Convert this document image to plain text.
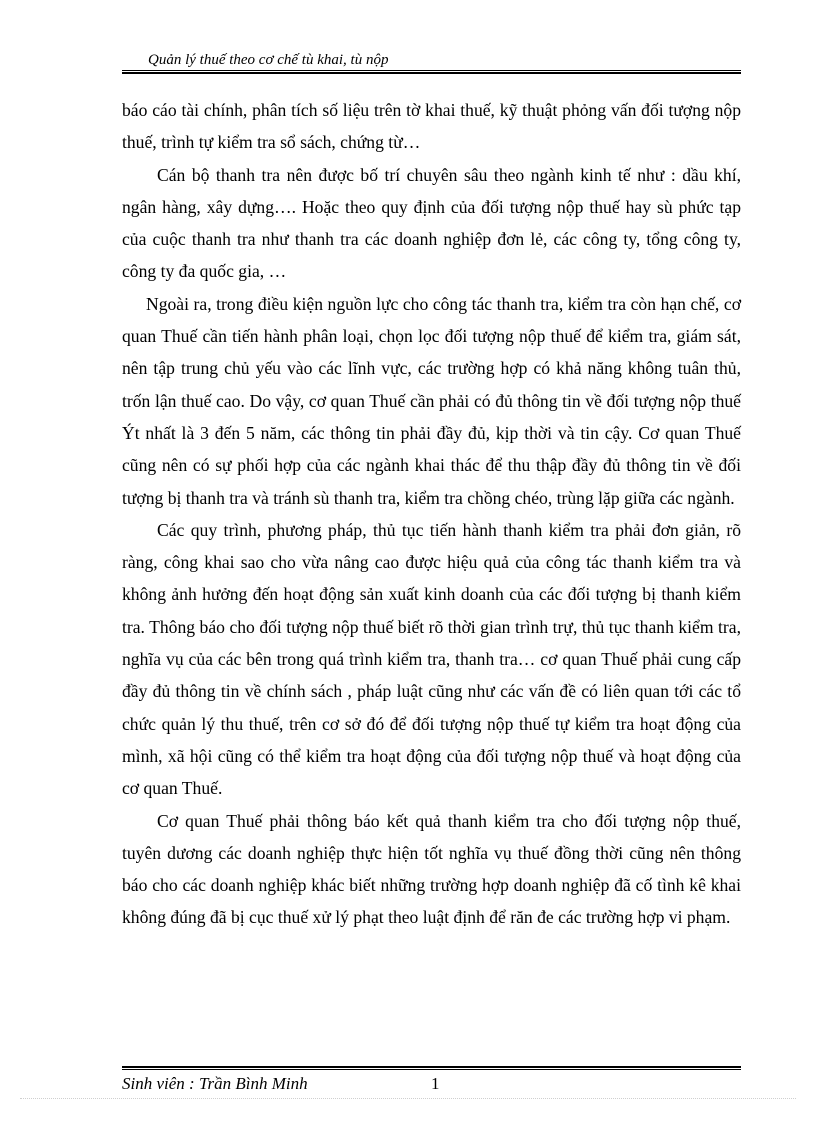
Quản lý thuế theo cơ chế tù khai, tù nộp

báo cáo tài chính, phân tích số liệu trên tờ khai thuế, kỹ thuật phỏng vấn đối tượng nộp thuế, trình tự kiểm tra sổ sách, chứng từ…

Cán bộ thanh tra nên được bố trí chuyên sâu theo ngành kinh tế như : dầu khí, ngân hàng, xây dựng…. Hoặc theo quy định của đối tượng nộp thuế hay sù phức tạp của cuộc thanh tra như thanh tra các doanh nghiệp đơn lẻ, các công ty, tổng công ty, công ty đa quốc gia, …

Ngoài ra, trong điều kiện nguồn lực cho công tác thanh tra, kiểm tra còn hạn chế, cơ quan Thuế cần tiến hành phân loại, chọn lọc đối tượng nộp thuế để kiểm tra, giám sát, nên tập trung chủ yếu vào các lĩnh vực, các trường hợp có khả năng không tuân thủ, trốn lận thuế cao. Do vậy, cơ quan Thuế cần phải có đủ thông tin về đối tượng nộp thuế Ýt nhất là 3 đến 5 năm, các thông tin phải đầy đủ, kịp thời và tin cậy. Cơ quan Thuế cũng nên có sự phối hợp của các ngành khai thác để thu thập đầy đủ thông tin về đối tượng bị thanh tra và tránh sù thanh tra, kiểm tra chồng chéo, trùng lặp giữa các ngành.

Các quy trình, phương pháp, thủ tục tiến hành thanh kiểm tra phải đơn giản, rõ ràng, công khai sao cho vừa nâng cao được hiệu quả của công tác thanh kiểm tra và không ảnh hưởng đến hoạt động sản xuất kinh doanh của các đối tượng bị thanh kiểm tra. Thông báo cho đối tượng nộp thuế biết rõ thời gian trình trự, thủ tục thanh kiểm tra, nghĩa vụ của các bên trong quá trình kiểm tra, thanh tra… cơ quan Thuế phải cung cấp đầy đủ thông tin về chính sách , pháp luật cũng như các vấn đề có liên quan tới các tổ chức quản lý thu thuế, trên cơ sở đó để đối tượng nộp thuế tự kiểm tra hoạt động của mình, xã hội cũng có thể kiểm tra hoạt động của đối tượng nộp thuế và hoạt động của cơ quan Thuế.

Cơ quan Thuế phải thông báo kết quả thanh kiểm tra cho đối tượng nộp thuế, tuyên dương các doanh nghiệp thực hiện tốt nghĩa vụ thuế đồng thời cũng nên thông báo cho các doanh nghiệp khác biết những trường hợp doanh nghiệp đã cố tình kê khai không đúng đã bị cục thuế xử lý phạt theo luật định để răn đe các trường hợp vi phạm.

Sinh viên : Trần Bình Minh	1
